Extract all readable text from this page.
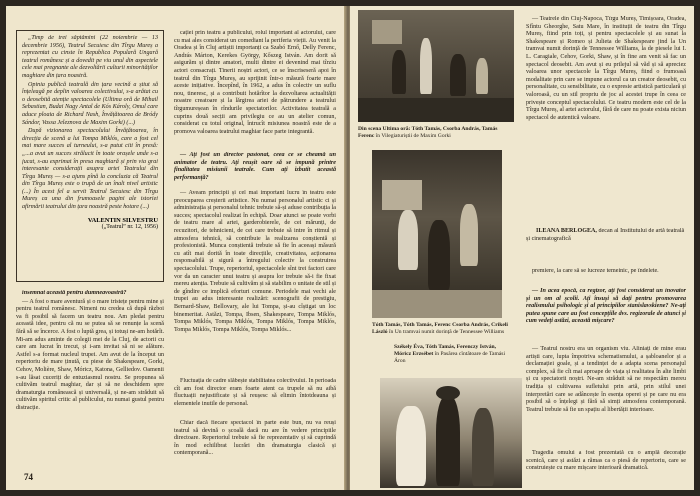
„Timp de trei săptămîni (22 noiembrie — 13 decembrie 1956), Teatrul Secuiesc din Tîrgu Mureș a reprezentat cu cinste în Republica Populară Ungară teatrul românesc și a dovedit pe viu unul din aspectele cele mai pregnante ale dezvoltării culturii minorităților maghiare din țara noastră.

Opinia publică teatrală din țara vecină a știut să înțeleagă pe deplin valoarea colectivului, s-a arătat cu o deosebită atenție spectacolele (Ultima oră de Mihail Sebastian, Budai Nagy Antal de Kós Károly, Omul care aduce ploaia de Richard Nash, Învățătoarea de Bródy Sándor, Vassa Jeleznova de Maxim Gorki) (...)

După vizionarea spectacolului Învățătoarea, în direcția de scenă a lui Tompa Miklós, care a fost cel mai mare succes al turneului, s-a putut citi în presă: „...a avut un succes strălucit în toate orașele unde s-a jucat, s-au exprimat în presa maghiară și prin via grai interesante considerații asupra artei Teatrului din Tîrgu Mureș — s-a ajuns pînă la concluzia că Teatrul din Tîrgu Mureș este o trupă de un înalt nivel artistic (...) În acest fel a servit Teatrul Secuiesc din Tîrgu Mureș ca una din frumoasele pagini ale istoriei afirmării teatrului din țara noastră peste hotare (...)

VALENTIN SILVESTRU
(„Teatrul” nr. 12, 1956)

însemnat această pentru dumneavoastră?

— A fost o mare aventură și o mare tristețe pentru mine și pentru teatrul românesc. Nimeni nu credea că după război va fi posibil să facem un teatru nou. Am pledat pentru această idee, pentru că nu se putea să se renunțe la scenă fără să se încerce. A fost o luptă grea, și totuși ne-am hotărît. Mi-am adus aminte de colegii mei de la Cluj, de actorii cu care am lucrat în trecut, și i-am invitat să ni se alăture. Astfel s-a format nucleul trupei. Am avut de la început un repertoriu de mare ținută, cu piese de Shakespeare, Gorki, Cehov, Molière, Shaw, Móricz, Katona, Gelliedov. Oamenii s-au lăsat cuceriți de entuziasmul nostru. Se propunea să cultivăm teatrul maghiar, dar și să ne deschidem spre dramaturgia românească și universală, și ne-am străduit să cultivăm spiritul critic al publicului, nu numai gustul pentru distracție.

cației prin teatru a publicului, rolul important al actorului, care cu mai ales considerat un comediant la periferia vieții. Au venit la Oradea și în Cluj artiștii importanți ca Szabó Ernő, Delly Ferenc, András Márton, Kerekes György, Kőszeg István. Am dorit să asigurăm și dintre amatori, multi dintre ei devenind mai tîrziu actori consacrați. Tinerii noștri actori, ce se înscriseseră apoi în teatrul din Tîrgu Mureș, au sprijinit într-o măsură foarte mare aceste inițiative. Începînd, în 1962, a adus în colectiv un suflu nou, tineresc, și a contribuit hotărîtor la dezvoltarea actualității noastre creatoare și la lărgirea ariei de pătrundere a teatrului tîrgumureșean în rîndurile spectatorilor. Activitatea teatrală a cuprins două secții am privilegiu ce au un atelier comun, considerat cu totul original, întrucît misiunea noastră este de a promova valoarea teatrului maghiar face parte integrantă.

— Ați fost un director pasionat, ceea ce se cheamă un animator de teatru. Ați reușit oare să se impună printre finalitatea misiunii teatrale. Cum ați izbutit această performanță?

— Aveam principii și cel mai important lucru în teatru este preocuparea creșterii artistice. Nu numai personalul artistic ci și administrația și personalul tehnic trebuie să-și aduse contribuția la succes; spectacolul realizat în echipă. Doar atunci se poate vorbi de teatru mare al artei, garderobierele, de cei mărunți, de recuzitori, de tehnicieni, de cei care trebuie să intre în ritmul și atmosfera tehnică, să contribuie la realizarea conștientă și profesionistă. Munca conștientă trebuie să fie în aceeași măsură cu atît mai dorită în toate direcțiile, creativitatea, acționarea responsabilă și sigură a întregului colectiv la construirea spectacolului. Trupe, repertoriul, spectacolele sînt trei factori care vor da un caracter unui teatru și asupra lor trebuie să-i fie fixat mereu atenția. Trebuie să cultivăm și să stabilim o unitate de stil și de gîndire ce implică eforturi comune. Periodele mai vechi ale trupei au adus interesante realizări: scenografii de prestigiu, Bernard-Shaw, Bellovary, ale lui Tompa, și-au cîștigat un loc binemeritat. Astăzi, Tompa, Ibsen, Shakespeare, Tompa Miklós, Tompa Miklós, Tompa Miklós, Tompa Miklós, Tompa Miklós, Tompa Miklós, Tompa Miklós, Tompa Miklós...

Fluctuația de cadre slăbește stabilitatea colectivului. În perioada cît am fost director eram foarte atent ca trupele să nu aibă fluctuații nejustificate și să reușesc să elimin întotdeauna și elementele inutile de personal.

Chiar dacă fiecare spectacol în parte este bun, nu va reuși teatrul să devină o școală dacă nu are în vedere principiile directoare. Repertoriul trebuie să fie reprezentativ și să cuprindă în mod echilibrat lucrări din dramaturgia clasică și contemporană...

74
Din scena Ultima oră: Tóth Tamás, Csorba András, Tamás Ferenc în Vilegiaturiștii de Maxim Gorki
Tóth Tamás, Tóth Tamás, Ferenc Csorba András, Crikeli László în Un tramvai numit dorință de Tennessee Williams
Székely Éva, Tóth Tamás, Ferenczy István, Móricz Erzsébet în Pasărea cîntătoare de Tamási Áron

— Teatrele din Cluj-Napoca, Tîrgu Mureș, Timișoara, Oradea, Sfîntu Gheorghe, Satu Mare, în instituții de teatru din Tîrgu Mureș, fiind prin toți, și pentru spectacolele și au sunat la Shakespeare și Romeo și Julieta de Shakespeare jind la Un tramvai numit dorință de Tennessee Williams, la de piesele lui I. L. Caragiale, Cehov, Gorki, Shaw, și în fine am venit să fac un spectacol deosebit. Am avut și eu prilejul să văd și să apreciez valoarea unor spectacole la Tîrgu Mureș, fiind o frumoasă modalitate prin care se impune actorul ca un creator deosebit, cu personalitate, cu sensibilitate, cu o expresie artistică particulară și valoroasă, cu un stil propriu de joc al acestei trupe în ceea ce privește conceptul spectacolului. Ce teatru modern este cel de la Tîrgu Mureș, al artei actorului, fără de care nu poate exista niciun spectacol de autentică valoare.

ILEANA BERLOGEA, decan al Institutului de artă teatrală și cinematografică

premiere, la care să se lucreze temeinic, pe îndelete.

— În acea epocă, ca regizor, ați fost considerat un inovator și un om al școlii. Ați însuși să dați pentru promovarea realismului psihologic și al principiilor stanislavskiene? Ne-ați putea spune care au fost concepțiile dvs. regizorale de atunci și cum vedeți astăzi, această mișcare?

— Teatrul nostru era un organism viu. Aliniați de mine erau artiști care, lupta împotriva schematismului, a șabloanelor și a declamației goale, și a tendinței de a adapta scena personajul complex, să fie cît mai aproape de viața și realitatea în alte limbi și cu spectatorii noștri. Ne-am străduit să ne respectăm mereu tradiția și cultivarea sufletului prin artă, prin stilul unei interpretări care se adâncește în esența operei și pe care nu era posibil să o înțelegi și fără să simți atmosfera contemporană. Teatrul trebuie să fie un spațiu al libertății interioare.

Tragedia omului a fost prezentată cu o amplă decorație scenică, care și astăzi a rămas ca o piesă de repertoriu, care se construiește cu mare mișcare interioară dramatică.
